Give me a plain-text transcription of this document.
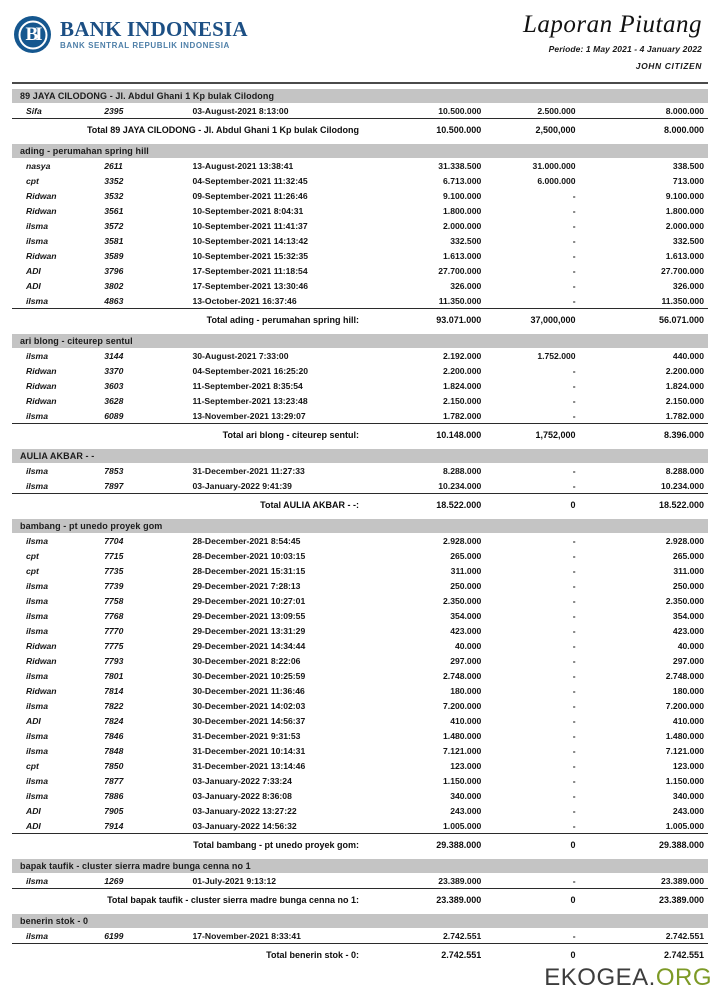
BI BANK INDONESIA
BANK SENTRAL REPUBLIK INDONESIA
Laporan Piutang
Periode: 1 May 2021 - 4 January 2022
JOHN CITIZEN
89 JAYA CILODONG - Jl. Abdul Ghani 1 Kp bulak Cilodong					
Sifa	2395	03-August-2021 8:13:00	10.500.000	2.500.000	8.000.000

Total 89 JAYA CILODONG - Jl. Abdul Ghani 1 Kp bulak Cilodong			10.500.000	2,500,000	8.000.000

ading - perumahan spring hill					
nasya	2611	13-August-2021 13:38:41	31.338.500	31.000.000	338.500
cpt	3352	04-September-2021 11:32:45	6.713.000	6.000.000	713.000
Ridwan	3532	09-September-2021 11:26:46	9.100.000	-	9.100.000
Ridwan	3561	10-September-2021 8:04:31	1.800.000	-	1.800.000
ilsma	3572	10-September-2021 11:41:37	2.000.000	-	2.000.000
ilsma	3581	10-September-2021 14:13:42	332.500	-	332.500
Ridwan	3589	10-September-2021 15:32:35	1.613.000	-	1.613.000
ADI	3796	17-September-2021 11:18:54	27.700.000	-	27.700.000
ADI	3802	17-September-2021 13:30:46	326.000	-	326.000
ilsma	4863	13-October-2021 16:37:46	11.350.000	-	11.350.000

Total ading - perumahan spring hill:			93.071.000	37,000,000	56.071.000

ari blong - citeurep sentul					
ilsma	3144	30-August-2021 7:33:00	2.192.000	1.752.000	440.000
Ridwan	3370	04-September-2021 16:25:20	2.200.000	-	2.200.000
Ridwan	3603	11-September-2021 8:35:54	1.824.000	-	1.824.000
Ridwan	3628	11-September-2021 13:23:48	2.150.000	-	2.150.000
ilsma	6089	13-November-2021 13:29:07	1.782.000	-	1.782.000

Total ari blong - citeurep sentul:			10.148.000	1,752,000	8.396.000

AULIA AKBAR - -					
ilsma	7853	31-December-2021 11:27:33	8.288.000	-	8.288.000
ilsma	7897	03-January-2022 9:41:39	10.234.000	-	10.234.000

Total AULIA AKBAR - -:			18.522.000	0	18.522.000

bambang - pt unedo proyek gom					
ilsma	7704	28-December-2021 8:54:45	2.928.000	-	2.928.000
cpt	7715	28-December-2021 10:03:15	265.000	-	265.000
cpt	7735	28-December-2021 15:31:15	311.000	-	311.000
ilsma	7739	29-December-2021 7:28:13	250.000	-	250.000
ilsma	7758	29-December-2021 10:27:01	2.350.000	-	2.350.000
ilsma	7768	29-December-2021 13:09:55	354.000	-	354.000
ilsma	7770	29-December-2021 13:31:29	423.000	-	423.000
Ridwan	7775	29-December-2021 14:34:44	40.000	-	40.000
Ridwan	7793	30-December-2021 8:22:06	297.000	-	297.000
ilsma	7801	30-December-2021 10:25:59	2.748.000	-	2.748.000
Ridwan	7814	30-December-2021 11:36:46	180.000	-	180.000
ilsma	7822	30-December-2021 14:02:03	7.200.000	-	7.200.000
ADI	7824	30-December-2021 14:56:37	410.000	-	410.000
ilsma	7846	31-December-2021 9:31:53	1.480.000	-	1.480.000
ilsma	7848	31-December-2021 10:14:31	7.121.000	-	7.121.000
cpt	7850	31-December-2021 13:14:46	123.000	-	123.000
ilsma	7877	03-January-2022 7:33:24	1.150.000	-	1.150.000
ilsma	7886	03-January-2022 8:36:08	340.000	-	340.000
ADI	7905	03-January-2022 13:27:22	243.000	-	243.000
ADI	7914	03-January-2022 14:56:32	1.005.000	-	1.005.000

Total bambang - pt unedo proyek gom:			29.388.000	0	29.388.000

bapak taufik - cluster sierra madre bunga cenna no 1					
ilsma	1269	01-July-2021 9:13:12	23.389.000	-	23.389.000

Total bapak taufik - cluster sierra madre bunga cenna no 1:			23.389.000	0	23.389.000

benerin stok - 0					
ilsma	6199	17-November-2021 8:33:41	2.742.551	-	2.742.551

Total benerin stok - 0:			2.742.551	0	2.742.551
EKOGEA.ORG
